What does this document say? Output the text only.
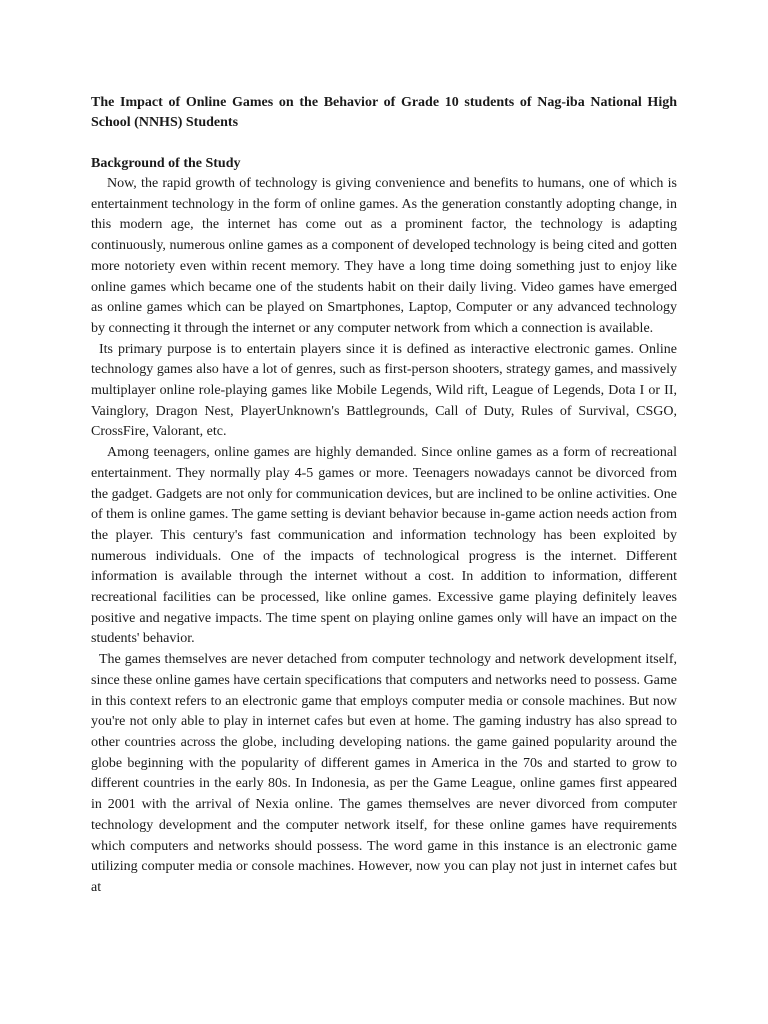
The Impact of Online Games on the Behavior of Grade 10 students of Nag-iba National High School (NNHS) Students

Background of the Study

Now, the rapid growth of technology is giving convenience and benefits to humans, one of which is entertainment technology in the form of online games. As the generation constantly adopting change, in this modern age, the internet has come out as a prominent factor, the technology is adapting continuously, numerous online games as a component of developed technology is being cited and gotten more notoriety even within recent memory. They have a long time doing something just to enjoy like online games which became one of the students habit on their daily living. Video games have emerged as online games which can be played on Smartphones, Laptop, Computer or any advanced technology by connecting it through the internet or any computer network from which a connection is available.

Its primary purpose is to entertain players since it is defined as interactive electronic games. Online technology games also have a lot of genres, such as first-person shooters, strategy games, and massively multiplayer online role-playing games like Mobile Legends, Wild rift, League of Legends, Dota I or II, Vainglory, Dragon Nest, PlayerUnknown's Battlegrounds, Call of Duty, Rules of Survival, CSGO, CrossFire, Valorant, etc.

Among teenagers, online games are highly demanded. Since online games as a form of recreational entertainment. They normally play 4-5 games or more. Teenagers nowadays cannot be divorced from the gadget. Gadgets are not only for communication devices, but are inclined to be online activities. One of them is online games. The game setting is deviant behavior because in-game action needs action from the player. This century's fast communication and information technology has been exploited by numerous individuals. One of the impacts of technological progress is the internet. Different information is available through the internet without a cost. In addition to information, different recreational facilities can be processed, like online games. Excessive game playing definitely leaves positive and negative impacts. The time spent on playing online games only will have an impact on the students' behavior.

The games themselves are never detached from computer technology and network development itself, since these online games have certain specifications that computers and networks need to possess. Game in this context refers to an electronic game that employs computer media or console machines. But now you're not only able to play in internet cafes but even at home. The gaming industry has also spread to other countries across the globe, including developing nations. the game gained popularity around the globe beginning with the popularity of different games in America in the 70s and started to grow to different countries in the early 80s. In Indonesia, as per the Game League, online games first appeared in 2001 with the arrival of Nexia online. The games themselves are never divorced from computer technology development and the computer network itself, for these online games have requirements which computers and networks should possess. The word game in this instance is an electronic game utilizing computer media or console machines. However, now you can play not just in internet cafes but at
